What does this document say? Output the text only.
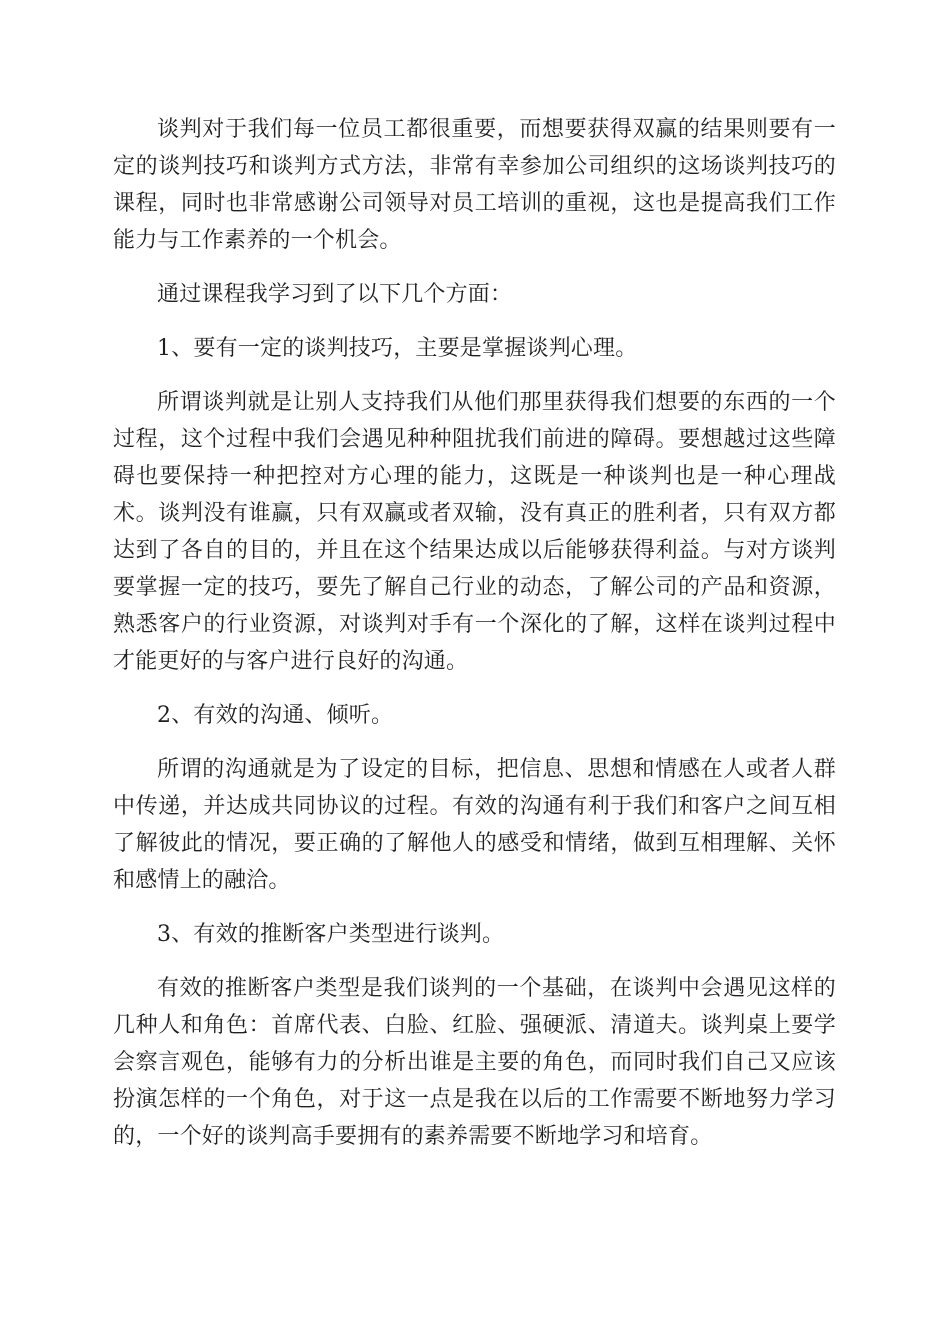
谈判对于我们每一位员工都很重要，而想要获得双赢的结果则要有一定的谈判技巧和谈判方式方法，非常有幸参加公司组织的这场谈判技巧的课程，同时也非常感谢公司领导对员工培训的重视，这也是提高我们工作能力与工作素养的一个机会。

通过课程我学习到了以下几个方面：

1、要有一定的谈判技巧，主要是掌握谈判心理。

所谓谈判就是让别人支持我们从他们那里获得我们想要的东西的一个过程，这个过程中我们会遇见种种阻扰我们前进的障碍。要想越过这些障碍也要保持一种把控对方心理的能力，这既是一种谈判也是一种心理战术。谈判没有谁赢，只有双赢或者双输，没有真正的胜利者，只有双方都达到了各自的目的，并且在这个结果达成以后能够获得利益。与对方谈判要掌握一定的技巧，要先了解自己行业的动态，了解公司的产品和资源，熟悉客户的行业资源，对谈判对手有一个深化的了解，这样在谈判过程中才能更好的与客户进行良好的沟通。

2、有效的沟通、倾听。

所谓的沟通就是为了设定的目标，把信息、思想和情感在人或者人群中传递，并达成共同协议的过程。有效的沟通有利于我们和客户之间互相了解彼此的情况，要正确的了解他人的感受和情绪，做到互相理解、关怀和感情上的融洽。

3、有效的推断客户类型进行谈判。

有效的推断客户类型是我们谈判的一个基础，在谈判中会遇见这样的几种人和角色：首席代表、白脸、红脸、强硬派、清道夫。谈判桌上要学会察言观色，能够有力的分析出谁是主要的角色，而同时我们自己又应该扮演怎样的一个角色，对于这一点是我在以后的工作需要不断地努力学习的，一个好的谈判高手要拥有的素养需要不断地学习和培育。
